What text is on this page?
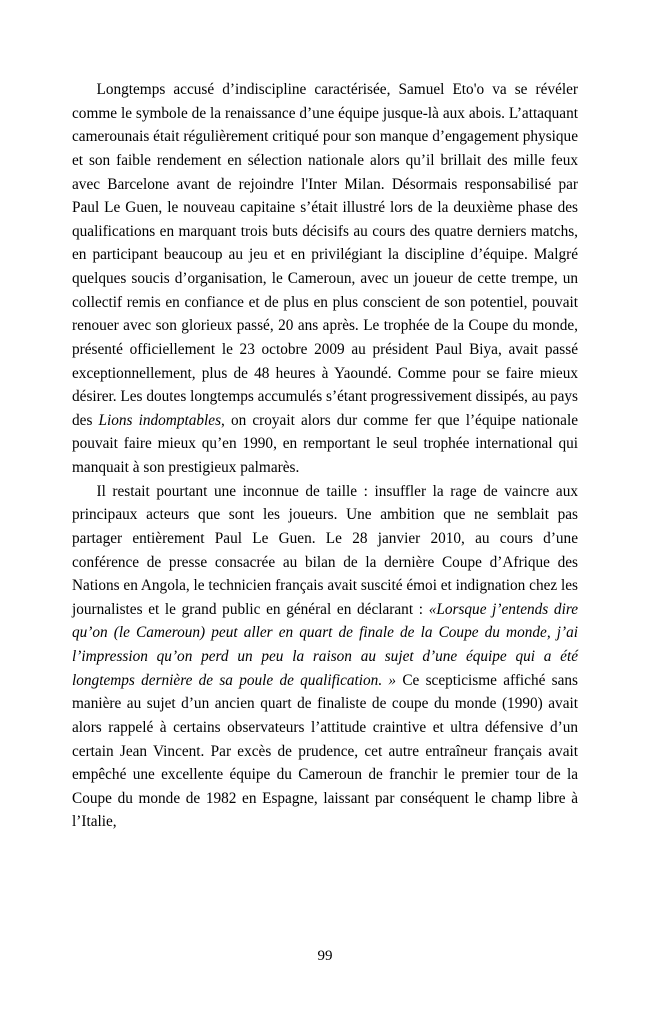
Longtemps accusé d’indiscipline caractérisée, Samuel Eto'o va se révéler comme le symbole de la renaissance d’une équipe jusque-là aux abois. L’attaquant camerounais était régulièrement critiqué pour son manque d’engagement physique et son faible rendement en sélection nationale alors qu’il brillait des mille feux avec Barcelone avant de rejoindre l'Inter Milan. Désormais responsabilisé par Paul Le Guen, le nouveau capitaine s’était illustré lors de la deuxième phase des qualifications en marquant trois buts décisifs au cours des quatre derniers matchs, en participant beaucoup au jeu et en privilégiant la discipline d’équipe. Malgré quelques soucis d’organisation, le Cameroun, avec un joueur de cette trempe, un collectif remis en confiance et de plus en plus conscient de son potentiel, pouvait renouer avec son glorieux passé, 20 ans après. Le trophée de la Coupe du monde, présenté officiellement le 23 octobre 2009 au président Paul Biya, avait passé exceptionnellement, plus de 48 heures à Yaoundé. Comme pour se faire mieux désirer. Les doutes longtemps accumulés s’étant progressivement dissipés, au pays des Lions indomptables, on croyait alors dur comme fer que l’équipe nationale pouvait faire mieux qu’en 1990, en remportant le seul trophée international qui manquait à son prestigieux palmarès.

Il restait pourtant une inconnue de taille : insuffler la rage de vaincre aux principaux acteurs que sont les joueurs. Une ambition que ne semblait pas partager entièrement Paul Le Guen. Le 28 janvier 2010, au cours d’une conférence de presse consacrée au bilan de la dernière Coupe d’Afrique des Nations en Angola, le technicien français avait suscité émoi et indignation chez les journalistes et le grand public en général en déclarant : «Lorsque j’entends dire qu’on (le Cameroun) peut aller en quart de finale de la Coupe du monde, j’ai l’impression qu’on perd un peu la raison au sujet d’une équipe qui a été longtemps dernière de sa poule de qualification. » Ce scepticisme affiché sans manière au sujet d’un ancien quart de finaliste de coupe du monde (1990) avait alors rappelé à certains observateurs l’attitude craintive et ultra défensive d’un certain Jean Vincent. Par excès de prudence, cet autre entraîneur français avait empêché une excellente équipe du Cameroun de franchir le premier tour de la Coupe du monde de 1982 en Espagne, laissant par conséquent le champ libre à l’Italie,

99
